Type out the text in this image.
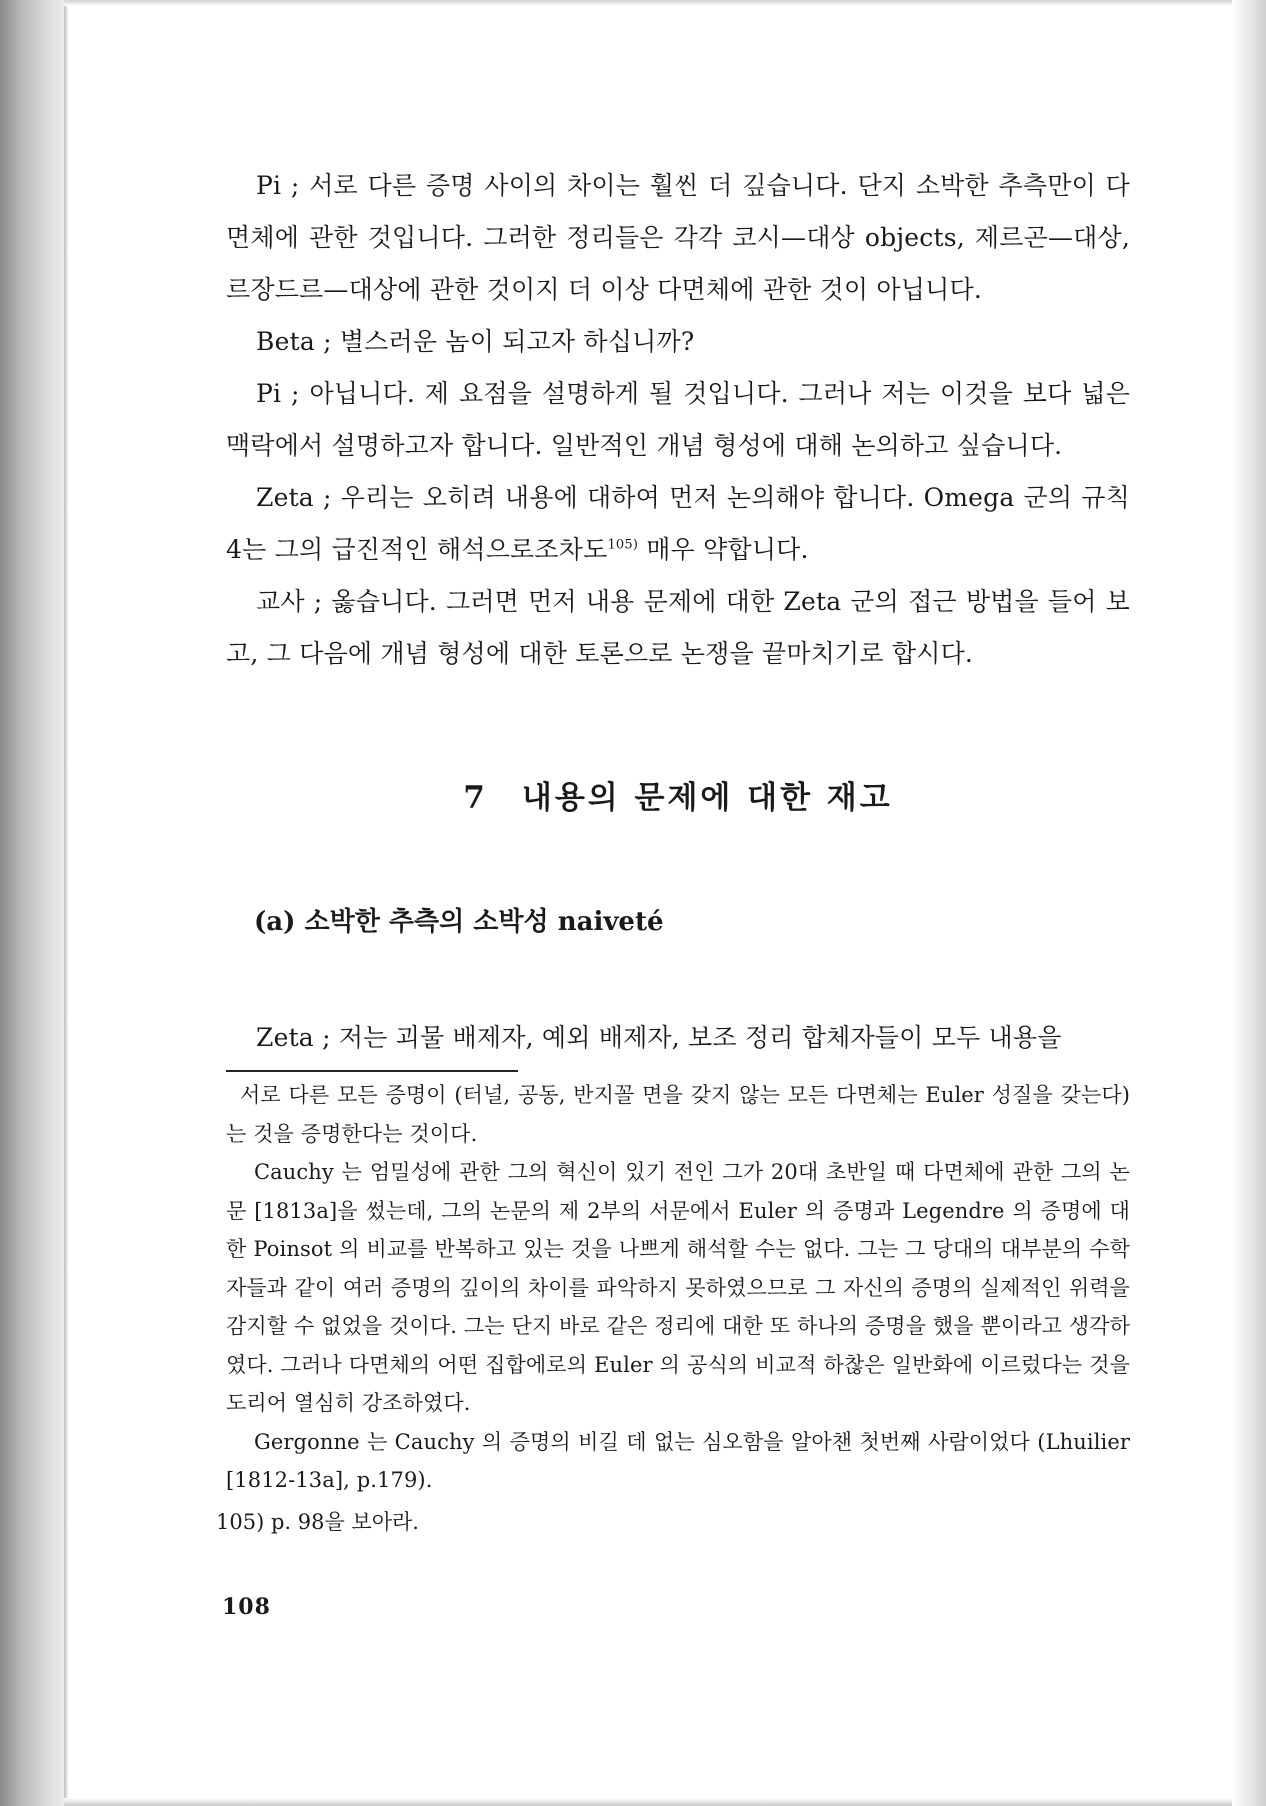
Pi ; 서로 다른 증명 사이의 차이는 훨씬 더 깊습니다. 단지 소박한 추측만이 다면체에 관한 것입니다. 그러한 정리들은 각각 코시—대상 objects, 제르곤—대상, 르장드르—대상에 관한 것이지 더 이상 다면체에 관한 것이 아닙니다.

Beta ; 별스러운 놈이 되고자 하십니까?

Pi ; 아닙니다. 제 요점을 설명하게 될 것입니다. 그러나 저는 이것을 보다 넓은 맥락에서 설명하고자 합니다. 일반적인 개념 형성에 대해 논의하고 싶습니다.

Zeta ; 우리는 오히려 내용에 대하여 먼저 논의해야 합니다. Omega 군의 규칙 4는 그의 급진적인 해석으로조차도$^{105)}$ 매우 약합니다.

교사 ; 옳습니다. 그러면 먼저 내용 문제에 대한 Zeta 군의 접근 방법을 들어 보고, 그 다음에 개념 형성에 대한 토론으로 논쟁을 끝마치기로 합시다.

7　내용의 문제에 대한 재고
(a) 소박한 추측의 소박성 naiveté

Zeta ; 저는 괴물 배제자, 예외 배제자, 보조 정리 합체자들이 모두 내용을

서로 다른 모든 증명이 (터널, 공동, 반지꼴 면을 갖지 않는 모든 다면체는 Euler 성질을 갖는다)는 것을 증명한다는 것이다.

Cauchy 는 엄밀성에 관한 그의 혁신이 있기 전인 그가 20대 초반일 때 다면체에 관한 그의 논문 [1813a]을 썼는데, 그의 논문의 제 2부의 서문에서 Euler 의 증명과 Legendre 의 증명에 대한 Poinsot 의 비교를 반복하고 있는 것을 나쁘게 해석할 수는 없다. 그는 그 당대의 대부분의 수학자들과 같이 여러 증명의 깊이의 차이를 파악하지 못하였으므로 그 자신의 증명의 실제적인 위력을 감지할 수 없었을 것이다. 그는 단지 바로 같은 정리에 대한 또 하나의 증명을 했을 뿐이라고 생각하였다. 그러나 다면체의 어떤 집합에로의 Euler 의 공식의 비교적 하찮은 일반화에 이르렀다는 것을 도리어 열심히 강조하였다.

Gergonne 는 Cauchy 의 증명의 비길 데 없는 심오함을 알아챈 첫번째 사람이었다 (Lhuilier [1812-13a], p.179).

105) p. 98을 보아라.

108
